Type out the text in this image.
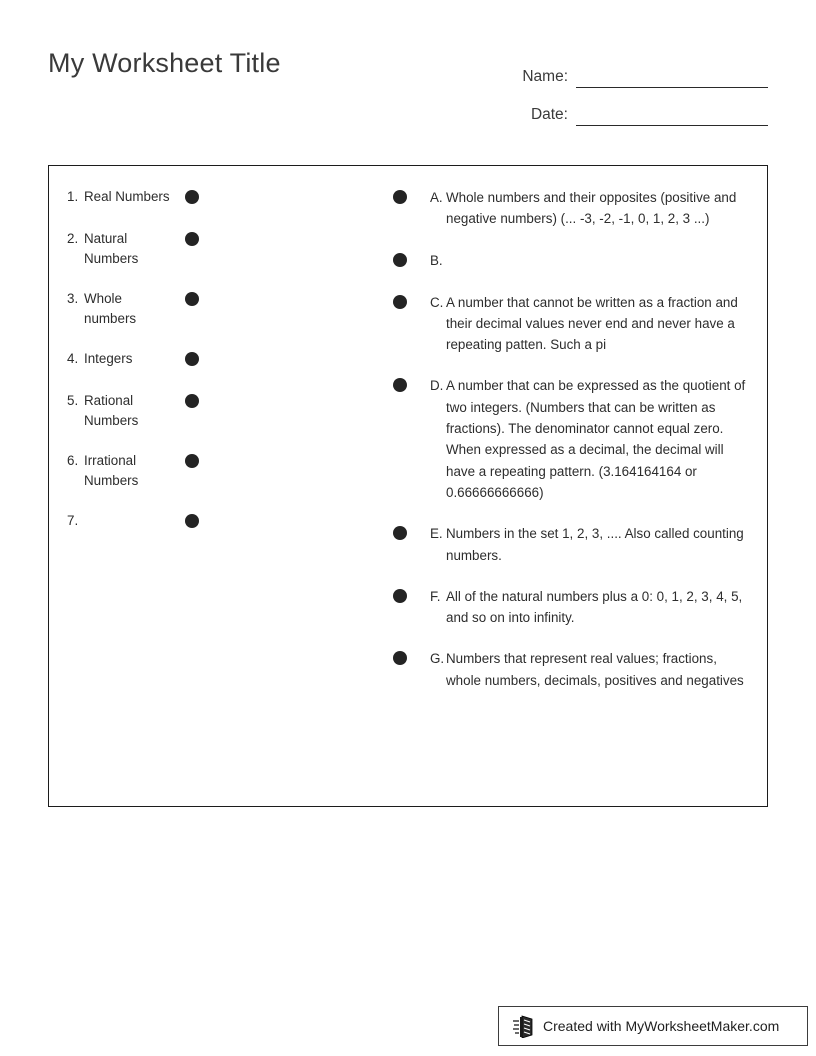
My Worksheet Title	Name:
Date:
1. Real Numbers
2. Natural Numbers
3. Whole numbers
4. Integers
5. Rational Numbers
6. Irrational Numbers
7.
A. Whole numbers and their opposites (positive and negative numbers) (... -3, -2, -1, 0, 1, 2, 3 ...)
B.
C. A number that cannot be written as a fraction and their decimal values never end and never have a repeating patten. Such a pi
D. A number that can be expressed as the quotient of two integers. (Numbers that can be written as fractions). The denominator cannot equal zero. When expressed as a decimal, the decimal will have a repeating pattern. (3.164164164 or 0.66666666666)
E. Numbers in the set 1, 2, 3, .... Also called counting numbers.
F. All of the natural numbers plus a 0: 0, 1, 2, 3, 4, 5, and so on into infinity.
G. Numbers that represent real values; fractions, whole numbers, decimals, positives and negatives
Created with MyWorksheetMaker.com
